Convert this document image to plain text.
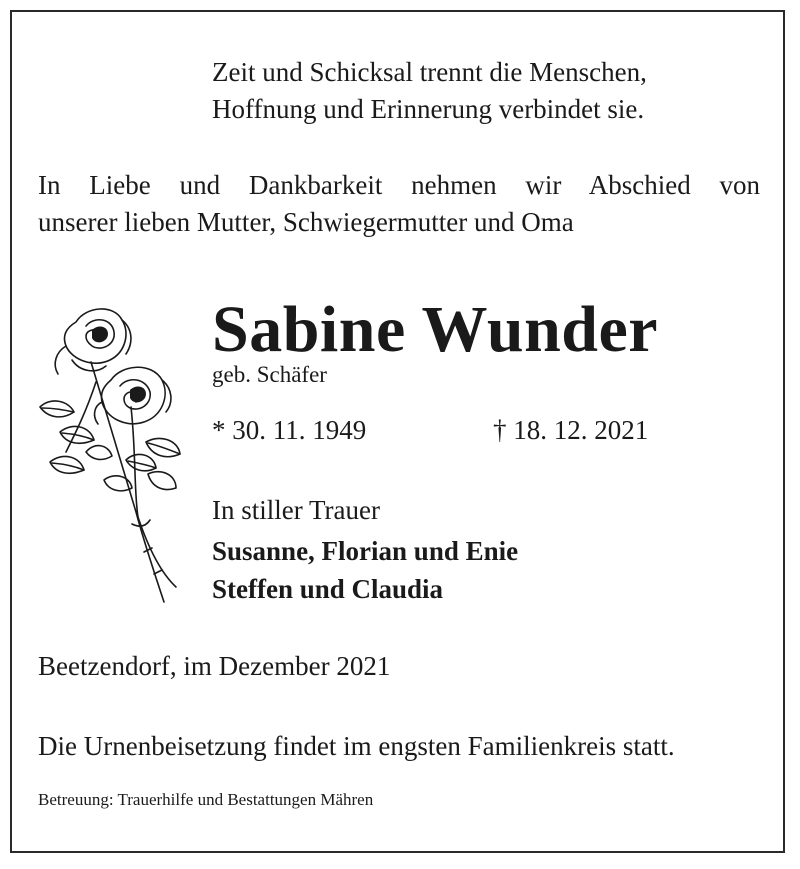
Zeit und Schicksal trennt die Menschen,
Hoffnung und Erinnerung verbindet sie.
In Liebe und Dankbarkeit nehmen wir Abschied von
unserer lieben Mutter, Schwiegermutter und Oma
Sabine Wunder
geb. Schäfer
* 30. 11. 1949	† 18. 12. 2021
In stiller Trauer
Susanne, Florian und Enie
Steffen und Claudia
Beetzendorf, im Dezember 2021
Die Urnenbeisetzung findet im engsten Familienkreis statt.
Betreuung: Trauerhilfe und Bestattungen Mähren
